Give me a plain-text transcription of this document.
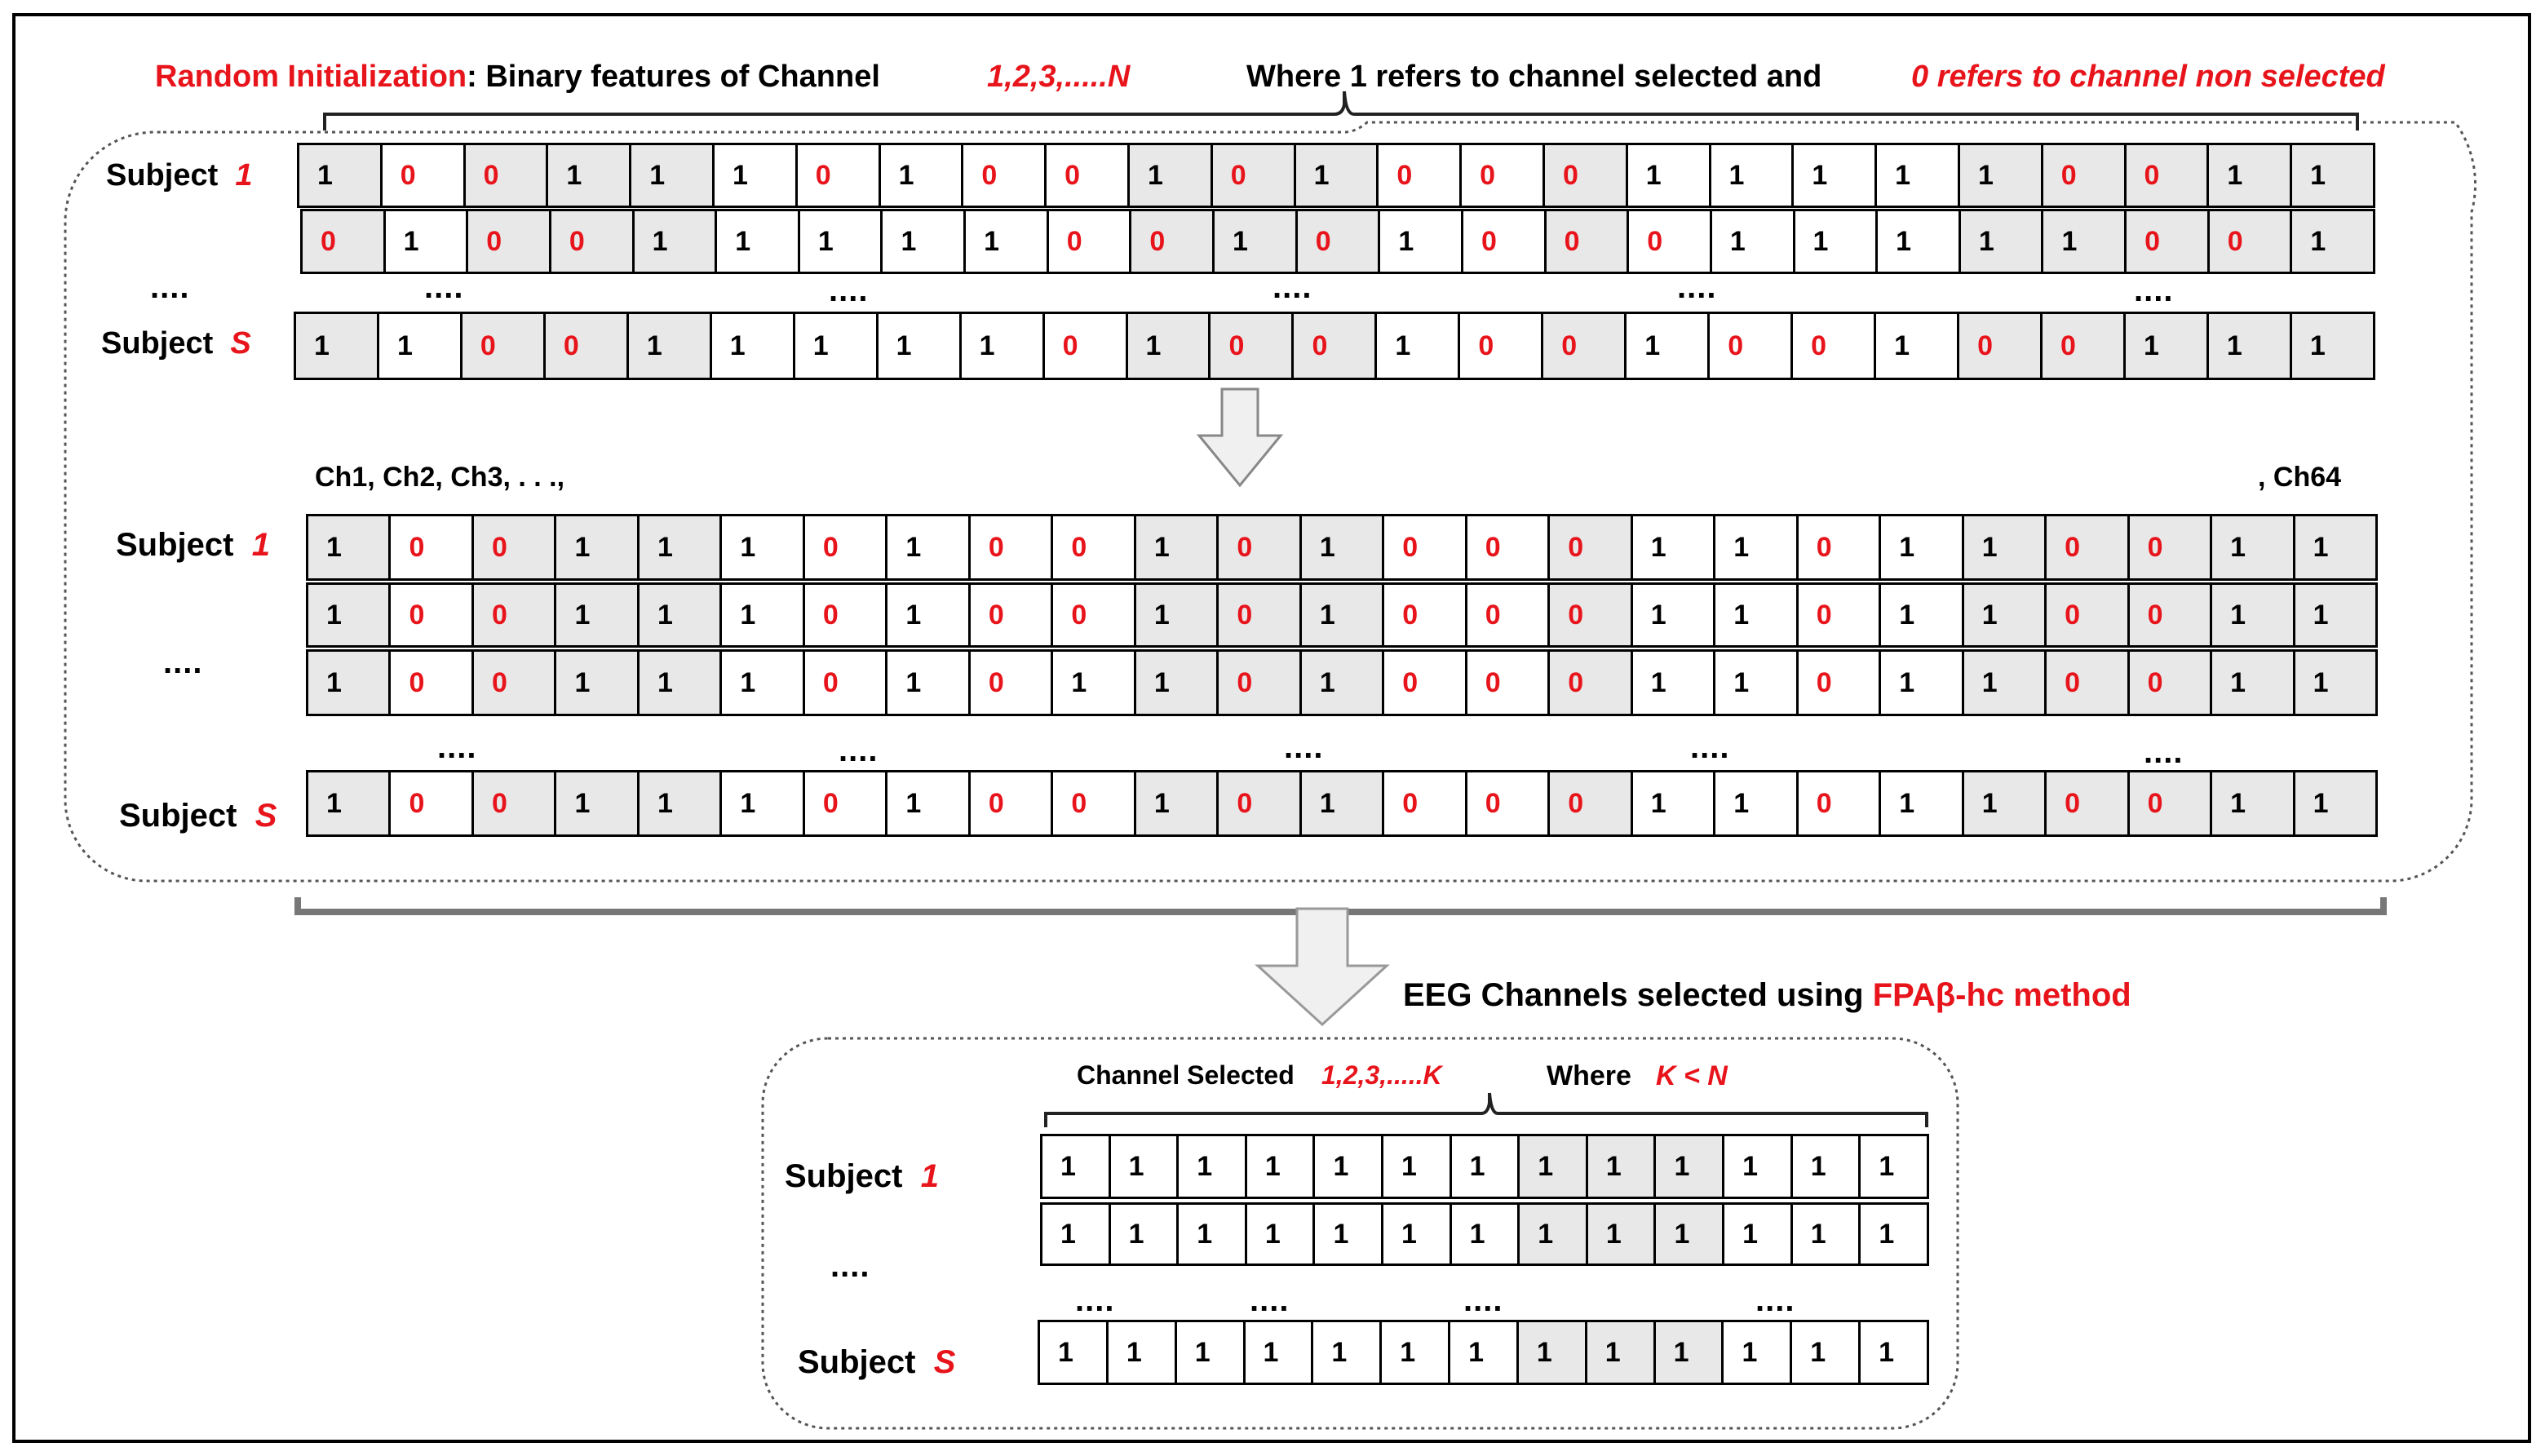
Random Initialization: Binary features of Channel	1,2,3,.....N	Where 1 refers to channel selected and	0 refers to channel non selected
Subject 1	1	0	0	1	1	1	0	1	0	0	1	0	1	0	0	0	1	1	1	1	1	0	0	1	1
0	1	0	0	1	1	1	1	1	0	0	1	0	1	0	0	0	1	1	1	1	1	0	0	1
....	....	....	....	....	....
Subject S	1	1	0	0	1	1	1	1	1	0	1	0	0	1	0	0	1	0	0	1	0	0	1	1	1
Ch1, Ch2, Ch3, . . .,	, Ch64
Subject 1	1	0	0	1	1	1	0	1	0	0	1	0	1	0	0	0	1	1	0	1	1	0	0	1	1
1	0	0	1	1	1	0	1	0	0	1	0	1	0	0	0	1	1	0	1	1	0	0	1	1
1	0	0	1	1	1	0	1	0	1	1	0	1	0	0	0	1	1	0	1	1	0	0	1	1
....
....	....	....	....	....
Subject S	1	0	0	1	1	1	0	1	0	0	1	0	1	0	0	0	1	1	0	1	1	0	0	1	1
EEG Channels selected using FPAβ-hc method
Channel Selected 1,2,3,.....K	Where K < N
Subject 1	1	1	1	1	1	1	1	1	1	1	1	1	1
1	1	1	1	1	1	1	1	1	1	1	1	1
....
....	....	....	....
Subject S	1	1	1	1	1	1	1	1	1	1	1	1	1
